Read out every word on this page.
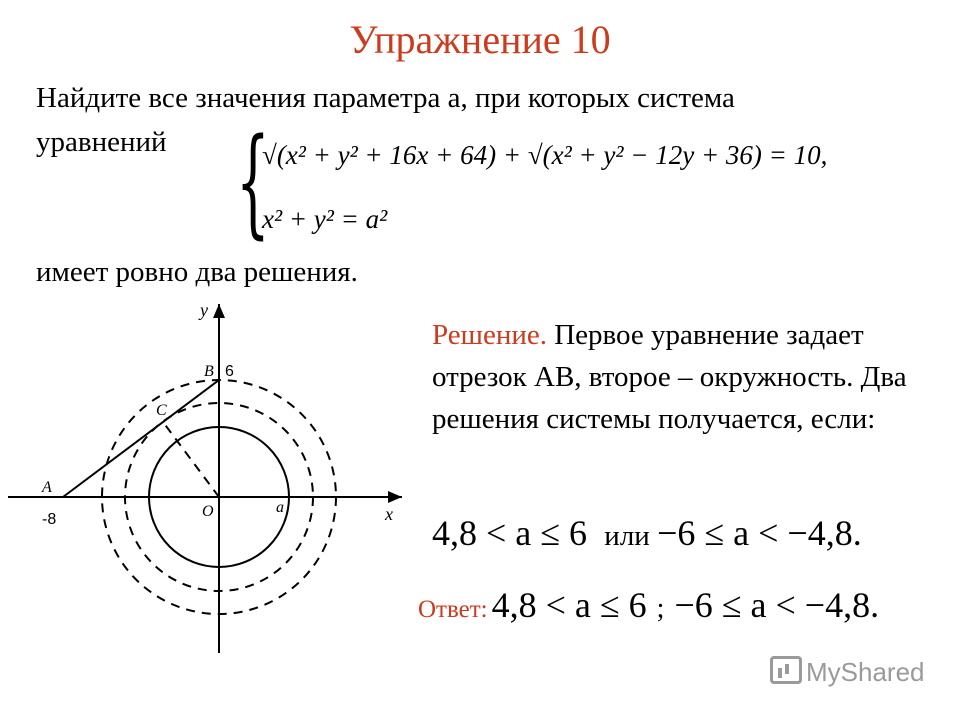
Упражнение 10
Найдите все значения параметра a, при которых система
уравнений {
√(x² + y² + 16x + 64) + √(x² + y² − 12y + 36) = 10,
x² + y² = a²
имеет ровно два решения.
y
x
A
-8
B 6
C
O	a
Решение. Первое уравнение задает отрезок AB, второе – окружность. Два решения системы получается, если:
4,8 < a ≤ 6 или −6 ≤ a < −4,8.
Ответ: 4,8 < a ≤ 6 ; −6 ≤ a < −4,8.
MyShared
